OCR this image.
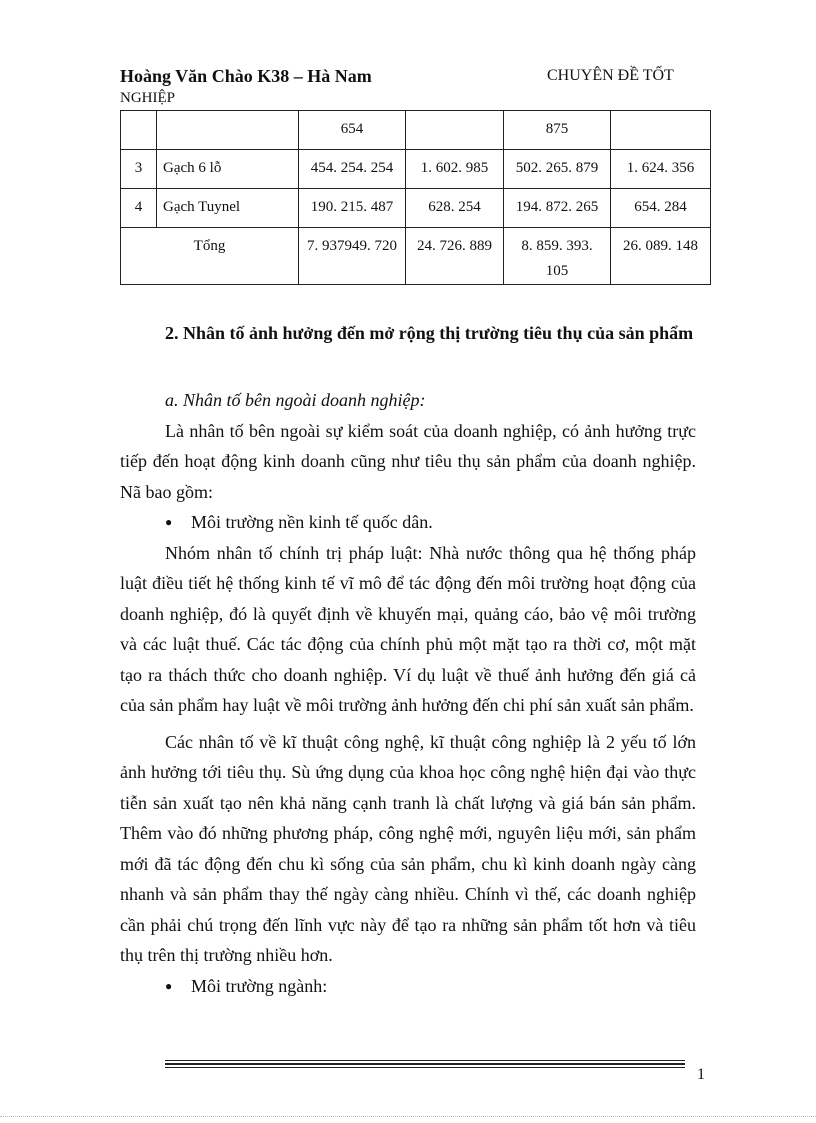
Hoàng Văn Chào K38 – Hà Nam	CHUYÊN ĐỀ TỐT
NGHIỆP
		654		875	
3	Gạch 6 lỗ	454. 254. 254	1. 602. 985	502. 265. 879	1. 624. 356
4	Gạch Tuynel	190. 215. 487	628. 254	194. 872. 265	654. 284
Tổng		7. 937949. 720	24. 726. 889	8. 859. 393. 105	26. 089. 148

2. Nhân tố ảnh hưởng đến mở rộng thị trường tiêu thụ của sản phẩm

a. Nhân tố bên ngoài doanh nghiệp:

Là nhân tố bên ngoài sự kiểm soát của doanh nghiệp, có ảnh hưởng trực tiếp đến hoạt động kinh doanh cũng như tiêu thụ sản phẩm của doanh nghiệp. Nã bao gồm:

●	Môi trường nền kinh tế quốc dân.

Nhóm nhân tố chính trị pháp luật: Nhà nước thông qua hệ thống pháp luật điều tiết hệ thống kinh tế vĩ mô để tác động đến môi trường hoạt động của doanh nghiệp, đó là quyết định về khuyến mại, quảng cáo, bảo vệ môi trường và các luật thuế. Các tác động của chính phủ một mặt tạo ra thời cơ, một mặt tạo ra thách thức cho doanh nghiệp. Ví dụ luật về thuế ảnh hưởng đến giá cả của sản phẩm hay luật về môi trường ảnh hưởng đến chi phí sản xuất sản phẩm.

Các nhân tố về kĩ thuật công nghệ, kĩ thuật công nghiệp là 2 yếu tố lớn ảnh hưởng tới tiêu thụ. Sù ứng dụng của khoa học công nghệ hiện đại vào thực tiễn sản xuất tạo nên khả năng cạnh tranh là chất lượng và giá bán sản phẩm. Thêm vào đó những phương pháp, công nghệ mới, nguyên liệu mới, sản phẩm mới đã tác động đến chu kì sống của sản phẩm, chu kì kinh doanh ngày càng nhanh và sản phẩm thay thế ngày càng nhiều. Chính vì thế, các doanh nghiệp cần phải chú trọng đến lĩnh vực này để tạo ra những sản phẩm tốt hơn và tiêu thụ trên thị trường nhiều hơn.

●	Môi trường ngành:
1
